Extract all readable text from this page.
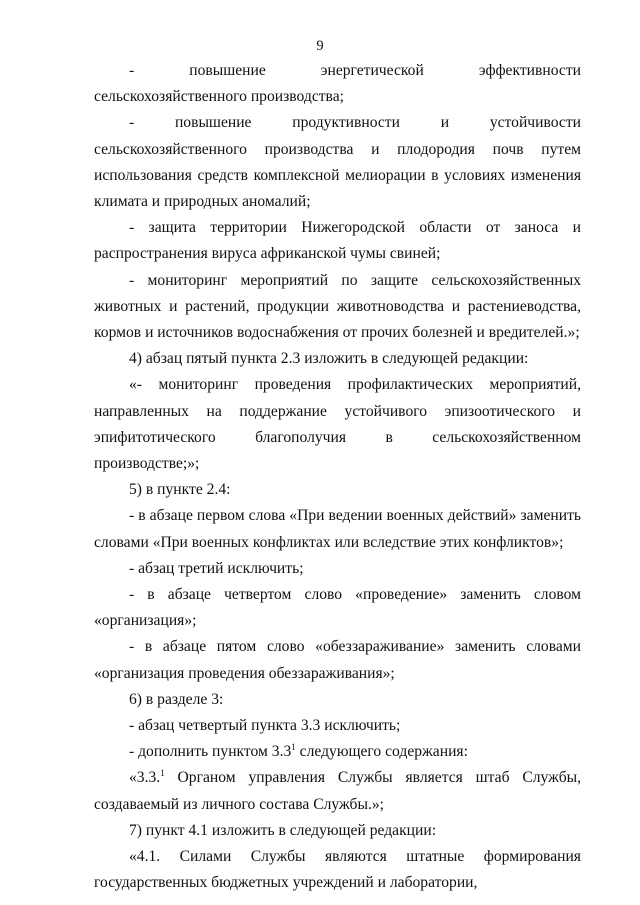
9

- повышение энергетической эффективности сельскохозяйственного производства;

- повышение продуктивности и устойчивости сельскохозяйственного производства и плодородия почв путем использования средств комплексной мелиорации в условиях изменения климата и природных аномалий;

- защита территории Нижегородской области от заноса и распространения вируса африканской чумы свиней;

- мониторинг мероприятий по защите сельскохозяйственных животных и растений, продукции животноводства и растениеводства, кормов и источников водоснабжения от прочих болезней и вредителей.»;

4) абзац пятый пункта 2.3 изложить в следующей редакции:

«- мониторинг проведения профилактических мероприятий, направленных на поддержание устойчивого эпизоотического и эпифитотического благополучия в сельскохозяйственном производстве;»;

5) в пункте 2.4:

- в абзаце первом слова «При ведении военных действий» заменить словами «При военных конфликтах или вследствие этих конфликтов»;

- абзац третий исключить;

- в абзаце четвертом слово «проведение» заменить словом «организация»;

- в абзаце пятом слово «обеззараживание» заменить словами «организация проведения обеззараживания»;

6) в разделе 3:

- абзац четвертый пункта 3.3 исключить;

- дополнить пунктом $3.3^1$ следующего содержания:

«3.3.$^1$ Органом управления Службы является штаб Службы, создаваемый из личного состава Службы.»;

7) пункт 4.1 изложить в следующей редакции:

«4.1. Силами Службы являются штатные формирования государственных бюджетных учреждений и лаборатории,
